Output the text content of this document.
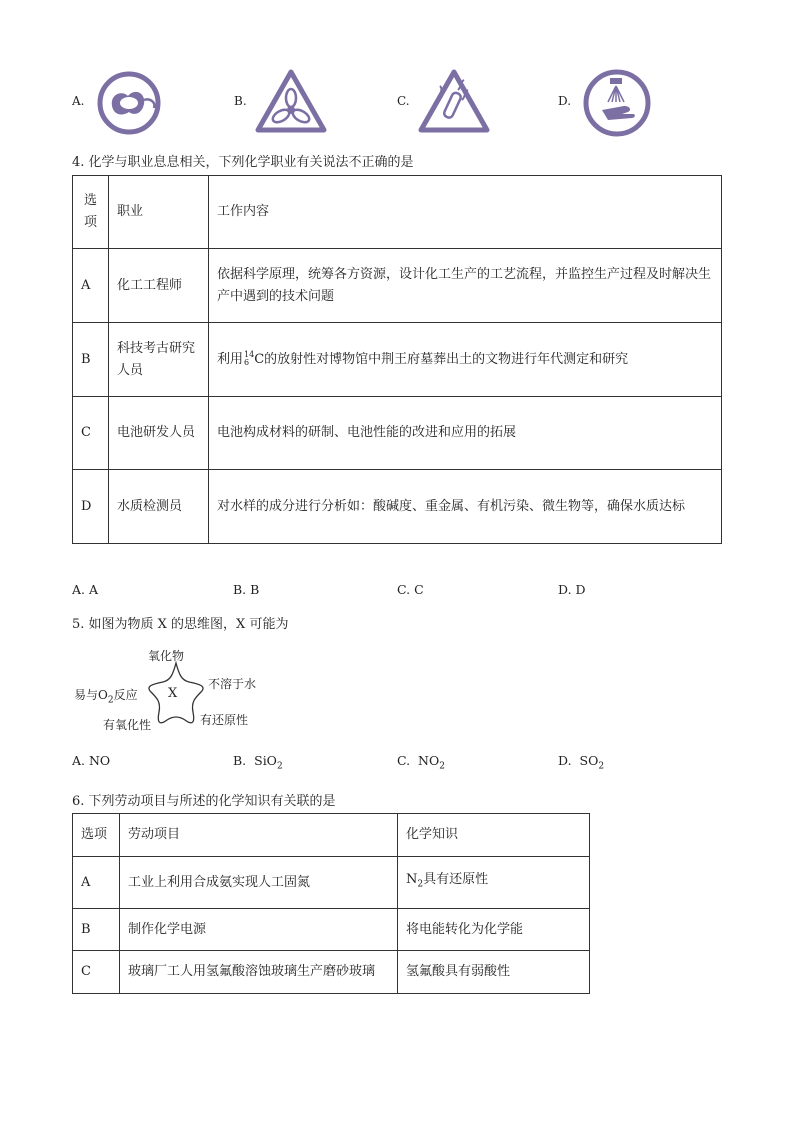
A.	B.	C.	D.
4. 化学与职业息息相关，下列化学职业有关说法不正确的是
选项	职业	工作内容
A	化工工程师	依据科学原理，统筹各方资源，设计化工生产的工艺流程，并监控生产过程及时解决生产中遇到的技术问题
B	科技考古研究人员	利用 14
6 C的放射性对博物馆中荆王府墓葬出土的文物进行年代测定和研究
C	电池研发人员	电池构成材料的研制、电池性能的改进和应用的拓展
D	水质检测员	对水样的成分进行分析如：酸碱度、重金属、有机污染、微生物等，确保水质达标
A. A	B. B	C. C	D. D
5. 如图为物质 X 的思维图，X 可能为
X
氧化物
不溶于水
易与$O_2$反应
有氧化性	有还原性
A. NO	B. SiO$_2$	C. $NO_2$	D. $SO_2$
6. 下列劳动项目与所述的化学知识有关联的是
选项	劳动项目	化学知识
A	工业上利用合成氨实现人工固氮	$N_2$具有还原性
B	制作化学电源	将电能转化为化学能
C	玻璃厂工人用氢氟酸溶蚀玻璃生产磨砂玻璃	氢氟酸具有弱酸性
